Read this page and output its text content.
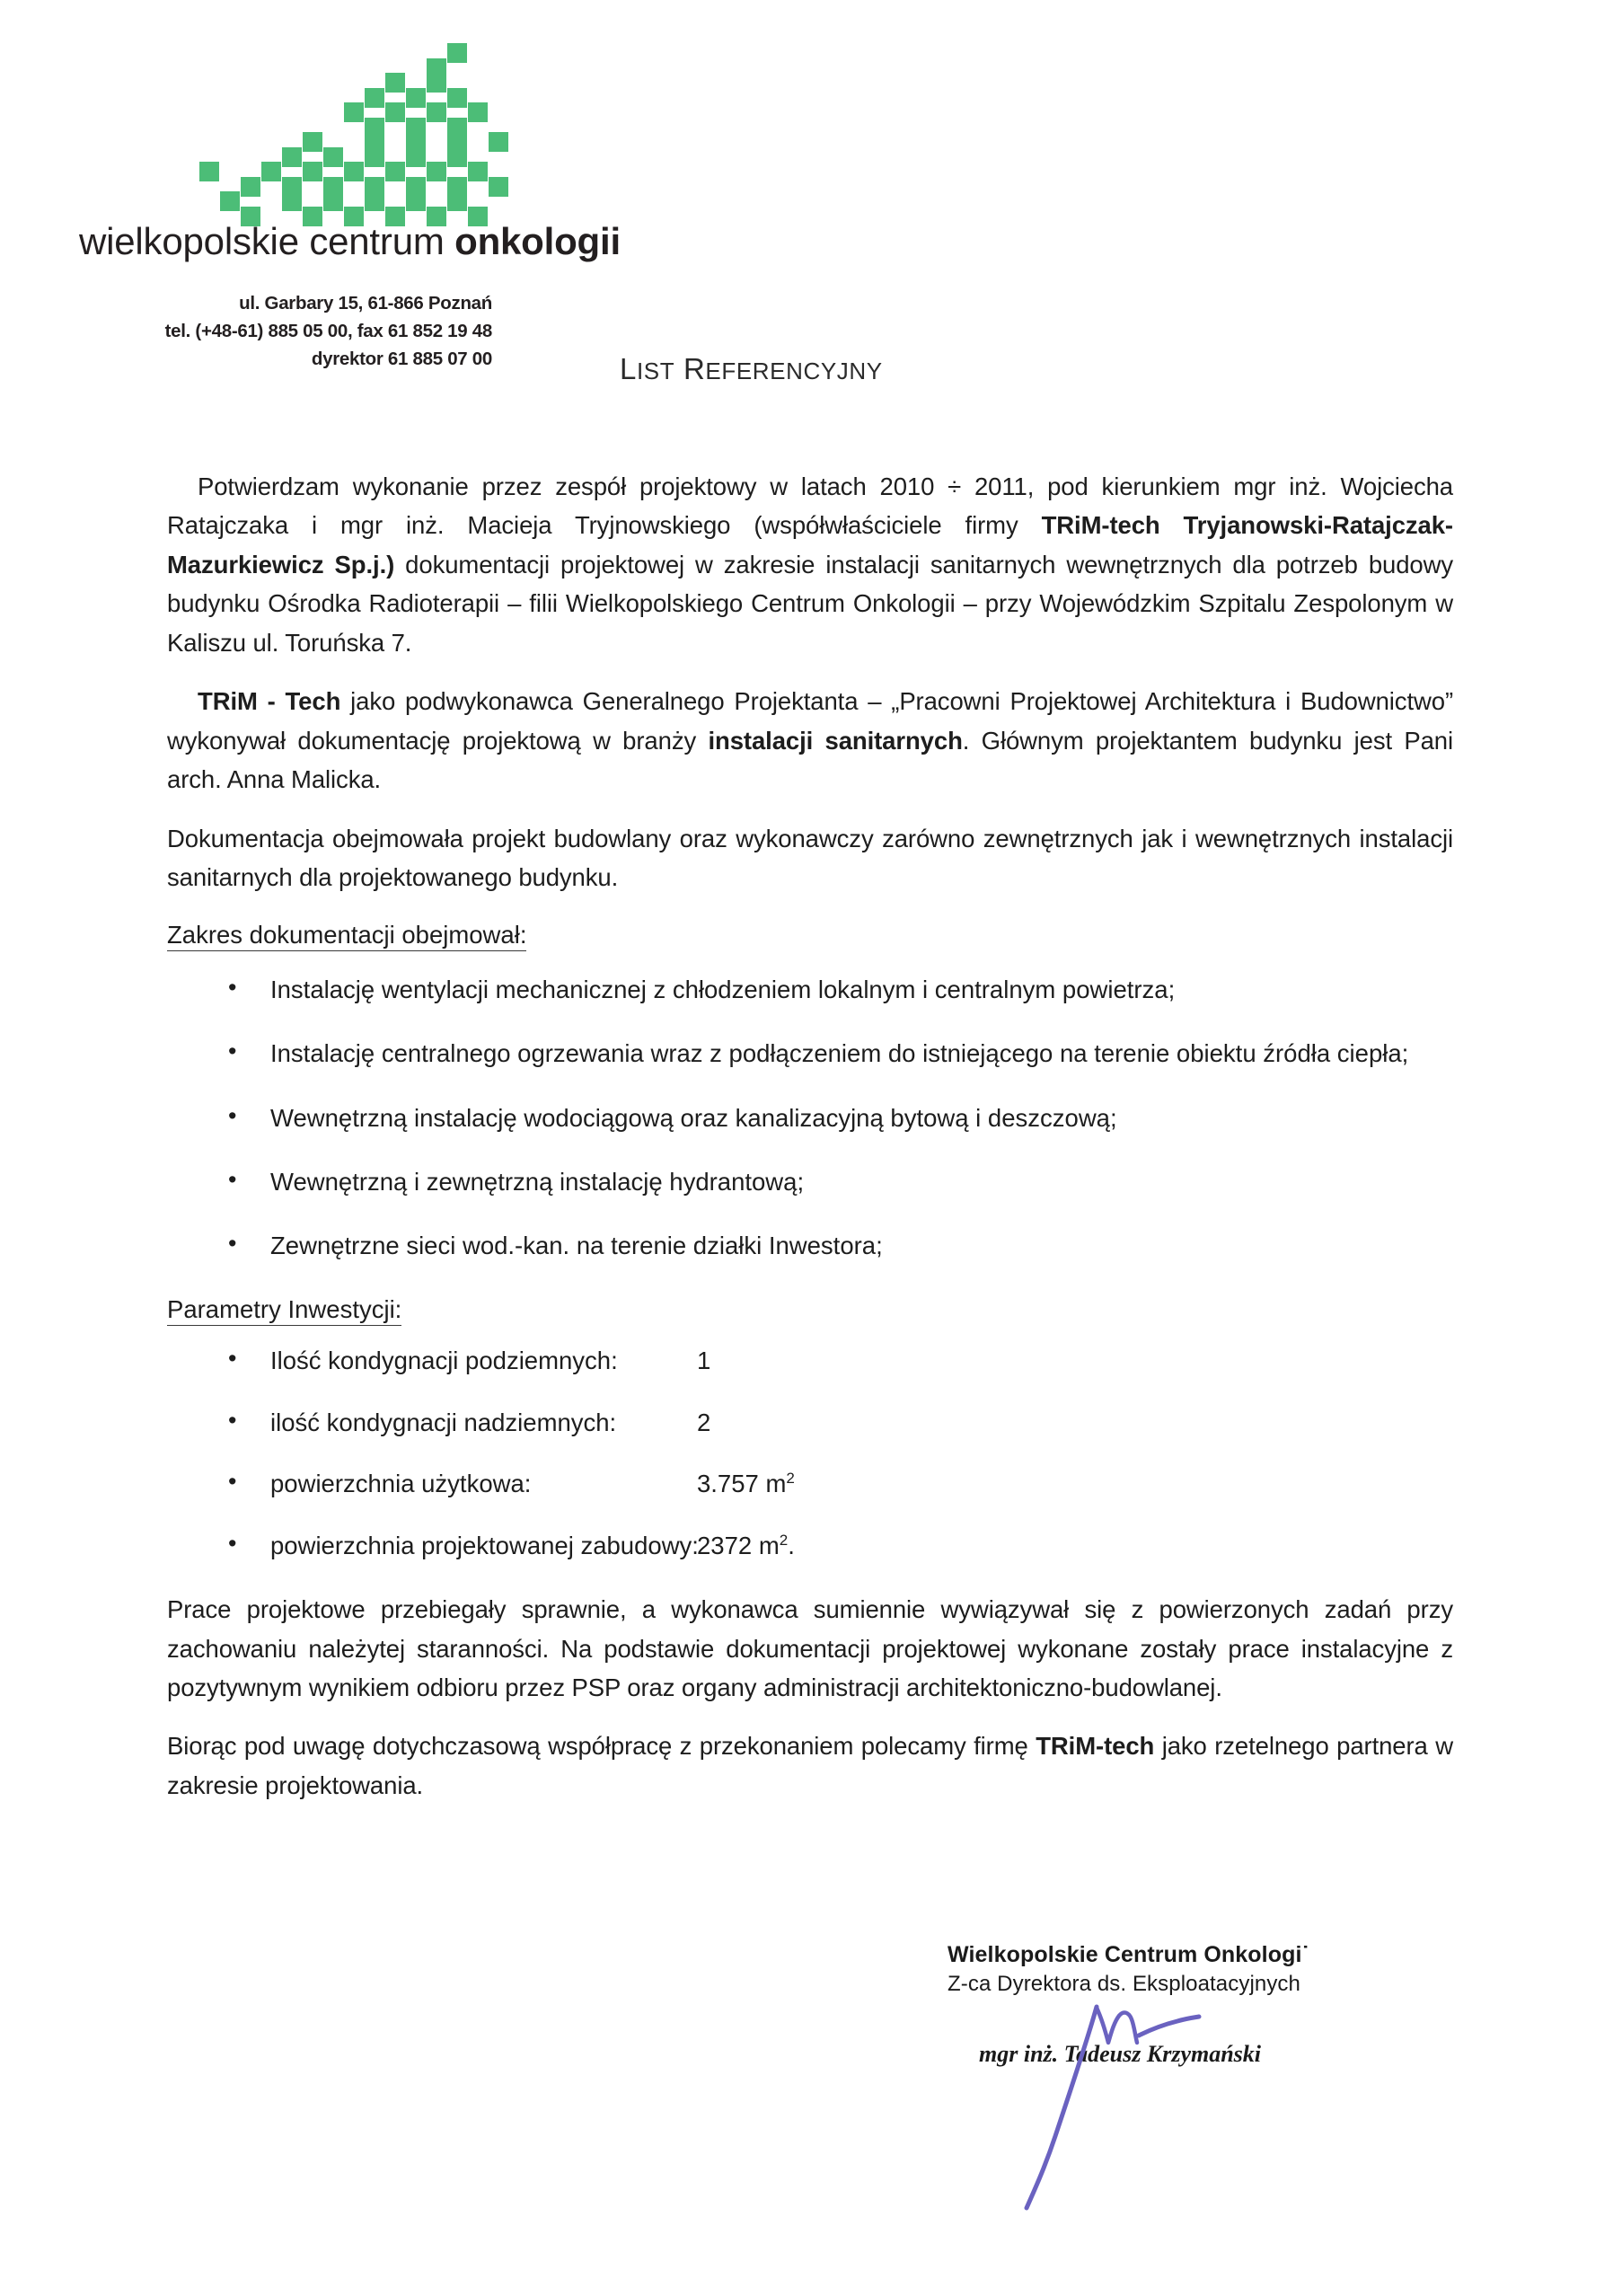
wielkopolskie centrum onkologii
ul. Garbary 15, 61-866 Poznań
tel. (+48-61) 885 05 00, fax 61 852 19 48
dyrektor 61 885 07 00	LIST REFERENCYJNY

Potwierdzam wykonanie przez zespół projektowy w latach 2010 ÷ 2011, pod kierunkiem mgr inż. Wojciecha Ratajczaka i mgr inż. Macieja Tryjnowskiego (współwłaściciele firmy TRiM-tech Tryjanowski-Ratajczak-Mazurkiewicz Sp.j.) dokumentacji projektowej w zakresie instalacji sanitarnych wewnętrznych dla potrzeb budowy budynku Ośrodka Radioterapii – filii Wielkopolskiego Centrum Onkologii – przy Wojewódzkim Szpitalu Zespolonym w Kaliszu ul. Toruńska 7.

TRiM - Tech jako podwykonawca Generalnego Projektanta – „Pracowni Projektowej Architektura i Budownictwo” wykonywał dokumentację projektową w branży instalacji sanitarnych. Głównym projektantem budynku jest Pani arch. Anna Malicka.

Dokumentacja obejmowała projekt budowlany oraz wykonawczy zarówno zewnętrznych jak i wewnętrznych instalacji sanitarnych dla projektowanego budynku.

Zakres dokumentacji obejmował:
• Instalację wentylacji mechanicznej z chłodzeniem lokalnym i centralnym powietrza;
• Instalację centralnego ogrzewania wraz z podłączeniem do istniejącego na terenie obiektu źródła ciepła;
• Wewnętrzną instalację wodociągową oraz kanalizacyjną bytową i deszczową;
• Wewnętrzną i zewnętrzną instalację hydrantową;
• Zewnętrzne sieci wod.-kan. na terenie działki Inwestora;
Parametry Inwestycji:
• Ilość kondygnacji podziemnych:	1
• ilość kondygnacji nadziemnych:	2
• powierzchnia użytkowa:	3.757 $m^2$
• powierzchnia projektowanej zabudowy:2372 $m^2$.

Prace projektowe przebiegały sprawnie, a wykonawca sumiennie wywiązywał się z powierzonych zadań przy zachowaniu należytej staranności. Na podstawie dokumentacji projektowej wykonane zostały prace instalacyjne z pozytywnym wynikiem odbioru przez PSP oraz organy administracji architektoniczno-budowlanej.

Biorąc pod uwagę dotychczasową współpracę z przekonaniem polecamy firmę TRiM-tech jako rzetelnego partnera w zakresie projektowania.

Wielkopolskie Centrum Onkologi˙
Z-ca Dyrektora ds. Eksploatacyjnych
mgr inż. Tadeusz Krzymański
